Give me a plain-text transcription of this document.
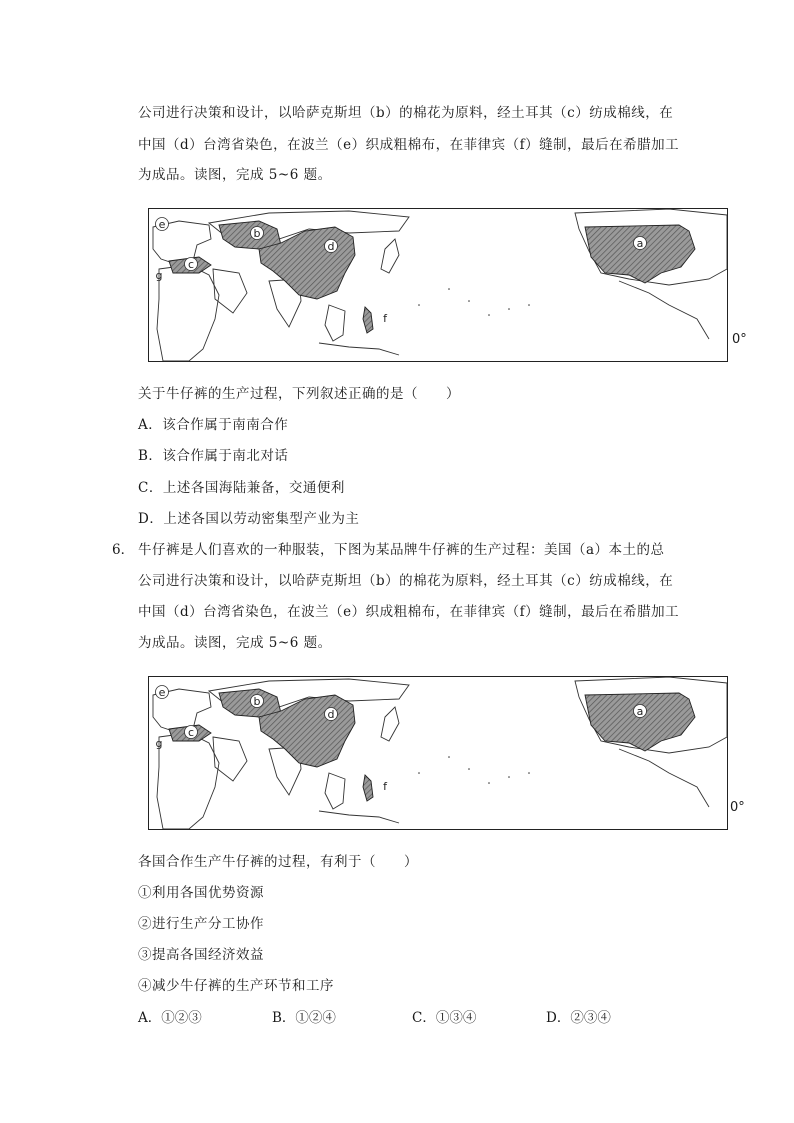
公司进行决策和设计，以哈萨克斯坦（b）的棉花为原料，经土耳其（c）纺成棉线，在
中国（d）台湾省染色，在波兰（e）织成粗棉布，在菲律宾（f）缝制，最后在希腊加工
为成品。读图，完成 5~6 题。
e
c
g
b
d
f
a
0°
关于牛仔裤的生产过程，下列叙述正确的是（　　）
A．该合作属于南南合作
B．该合作属于南北对话
C．上述各国海陆兼备，交通便利
D．上述各国以劳动密集型产业为主
6． 牛仔裤是人们喜欢的一种服装，下图为某品牌牛仔裤的生产过程：美国（a）本土的总
公司进行决策和设计，以哈萨克斯坦（b）的棉花为原料，经土耳其（c）纺成棉线，在
中国（d）台湾省染色，在波兰（e）织成粗棉布，在菲律宾（f）缝制，最后在希腊加工
为成品。读图，完成 5~6 题。
e
c
g
b
d
f
a
0°
各国合作生产牛仔裤的过程，有利于（　　）
①利用各国优势资源
②进行生产分工协作
③提高各国经济效益
④减少牛仔裤的生产环节和工序
A．①②③	B．①②④	C．①③④	D．②③④
